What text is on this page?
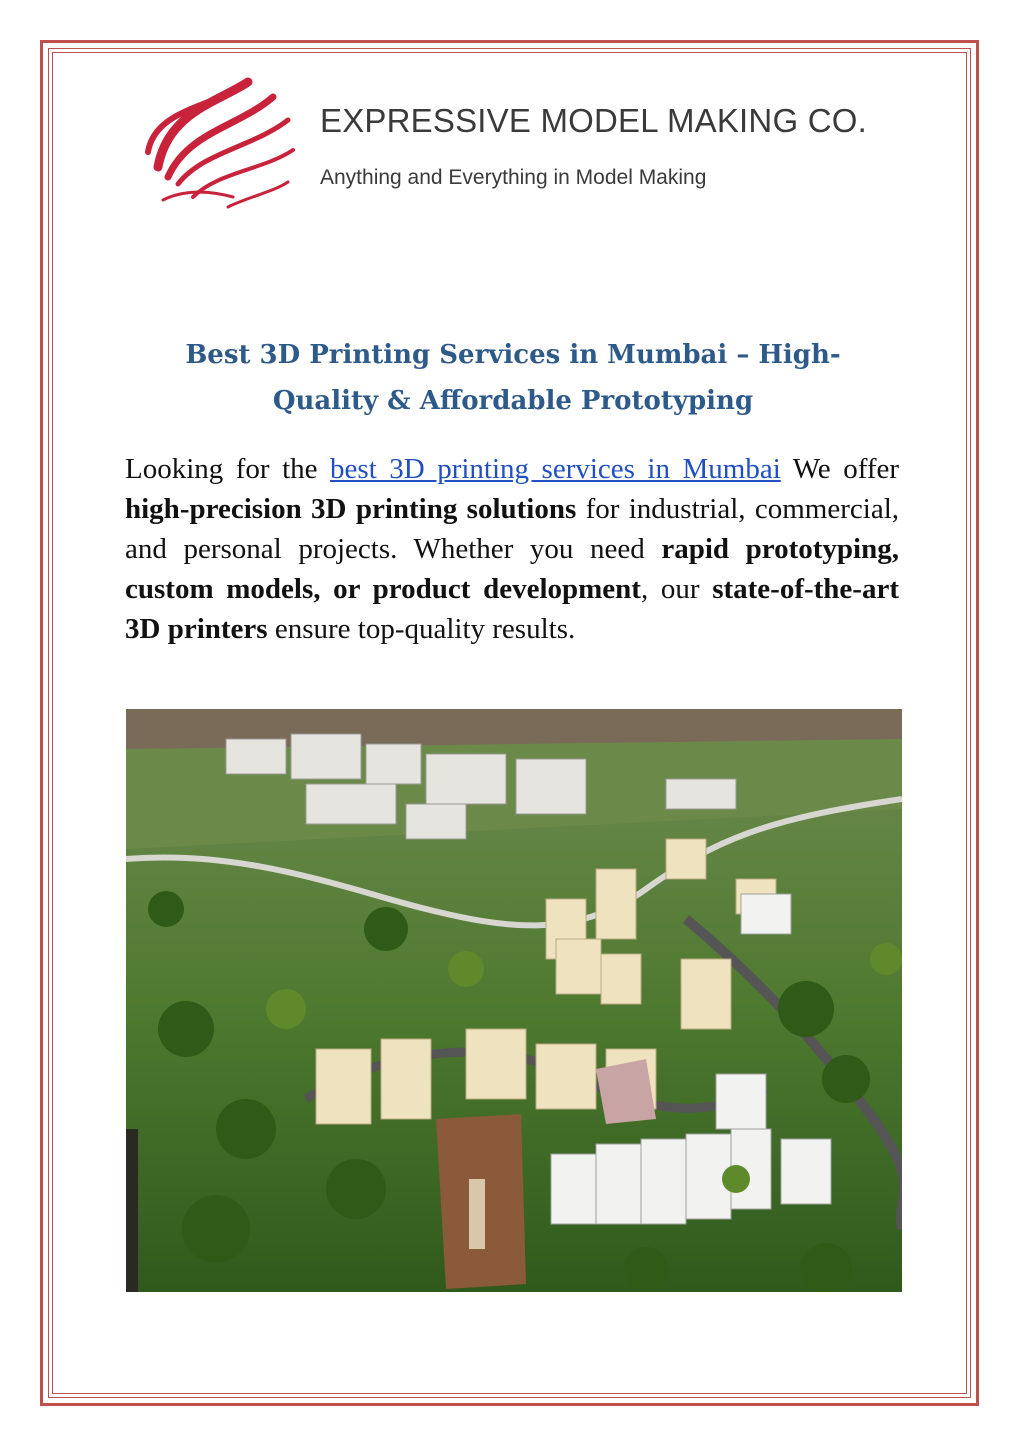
EXPRESSIVE MODEL MAKING CO.
Anything and Everything in Model Making
Best 3D Printing Services in Mumbai – High-
Quality & Affordable Prototyping
Looking for the best 3D printing services in Mumbai We offer high-precision 3D printing solutions for industrial, commercial, and personal projects. Whether you need rapid prototyping, custom models, or product development, our state-of-the-art 3D printers ensure top-quality results.
